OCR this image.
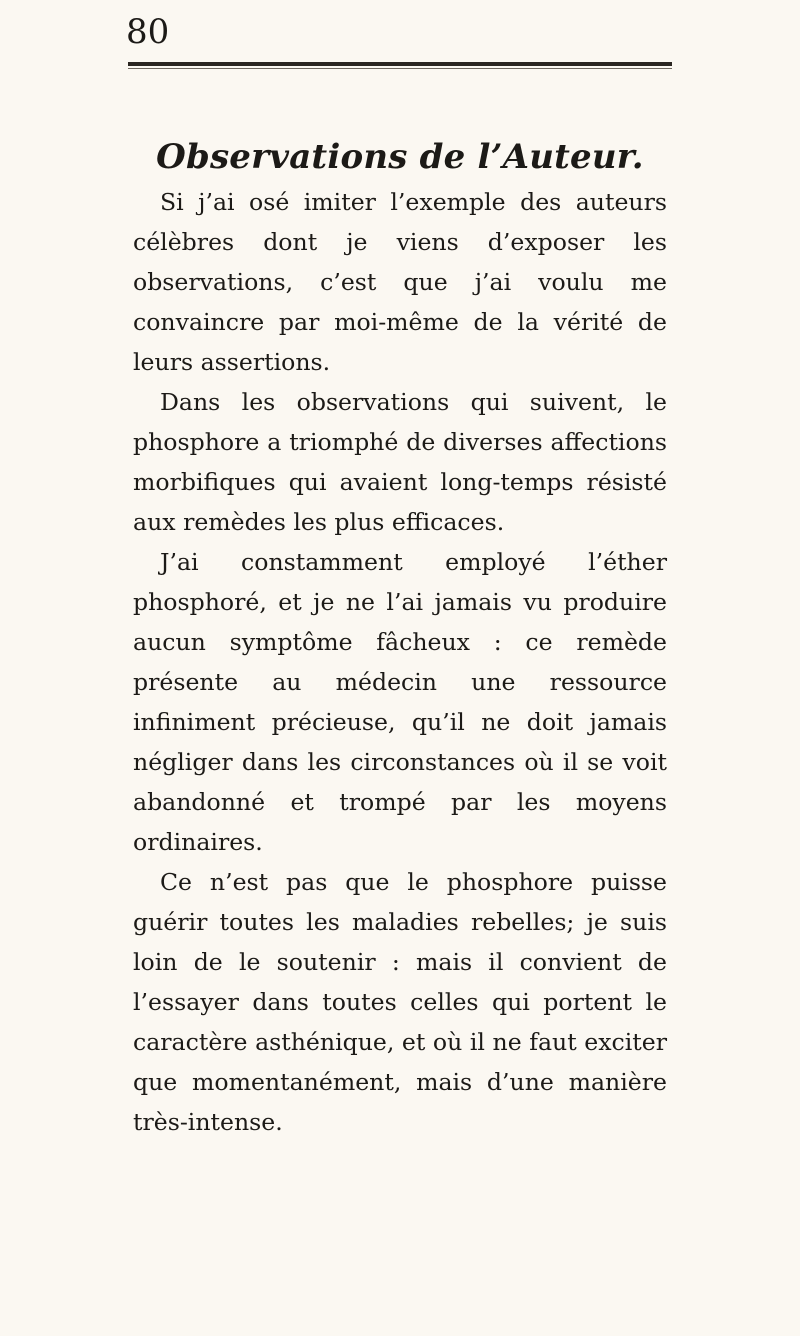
80
Observations de l’Auteur.

Si j’ai osé imiter l’exemple des auteurs célèbres dont je viens d’exposer les observations, c’est que j’ai voulu me convaincre par moi-même de la vérité de leurs assertions.

Dans les observations qui suivent, le phosphore a triomphé de diverses affections morbifiques qui avaient long-temps résisté aux remèdes les plus efficaces.

J’ai constamment employé l’éther phosphoré, et je ne l’ai jamais vu produire aucun symptôme fâcheux : ce remède présente au médecin une ressource infiniment précieuse, qu’il ne doit jamais négliger dans les circonstances où il se voit abandonné et trompé par les moyens ordinaires.

Ce n’est pas que le phosphore puisse guérir toutes les maladies rebelles; je suis loin de le soutenir : mais il convient de l’essayer dans toutes celles qui portent le caractère asthénique, et où il ne faut exciter que momentanément, mais d’une manière très-intense.
